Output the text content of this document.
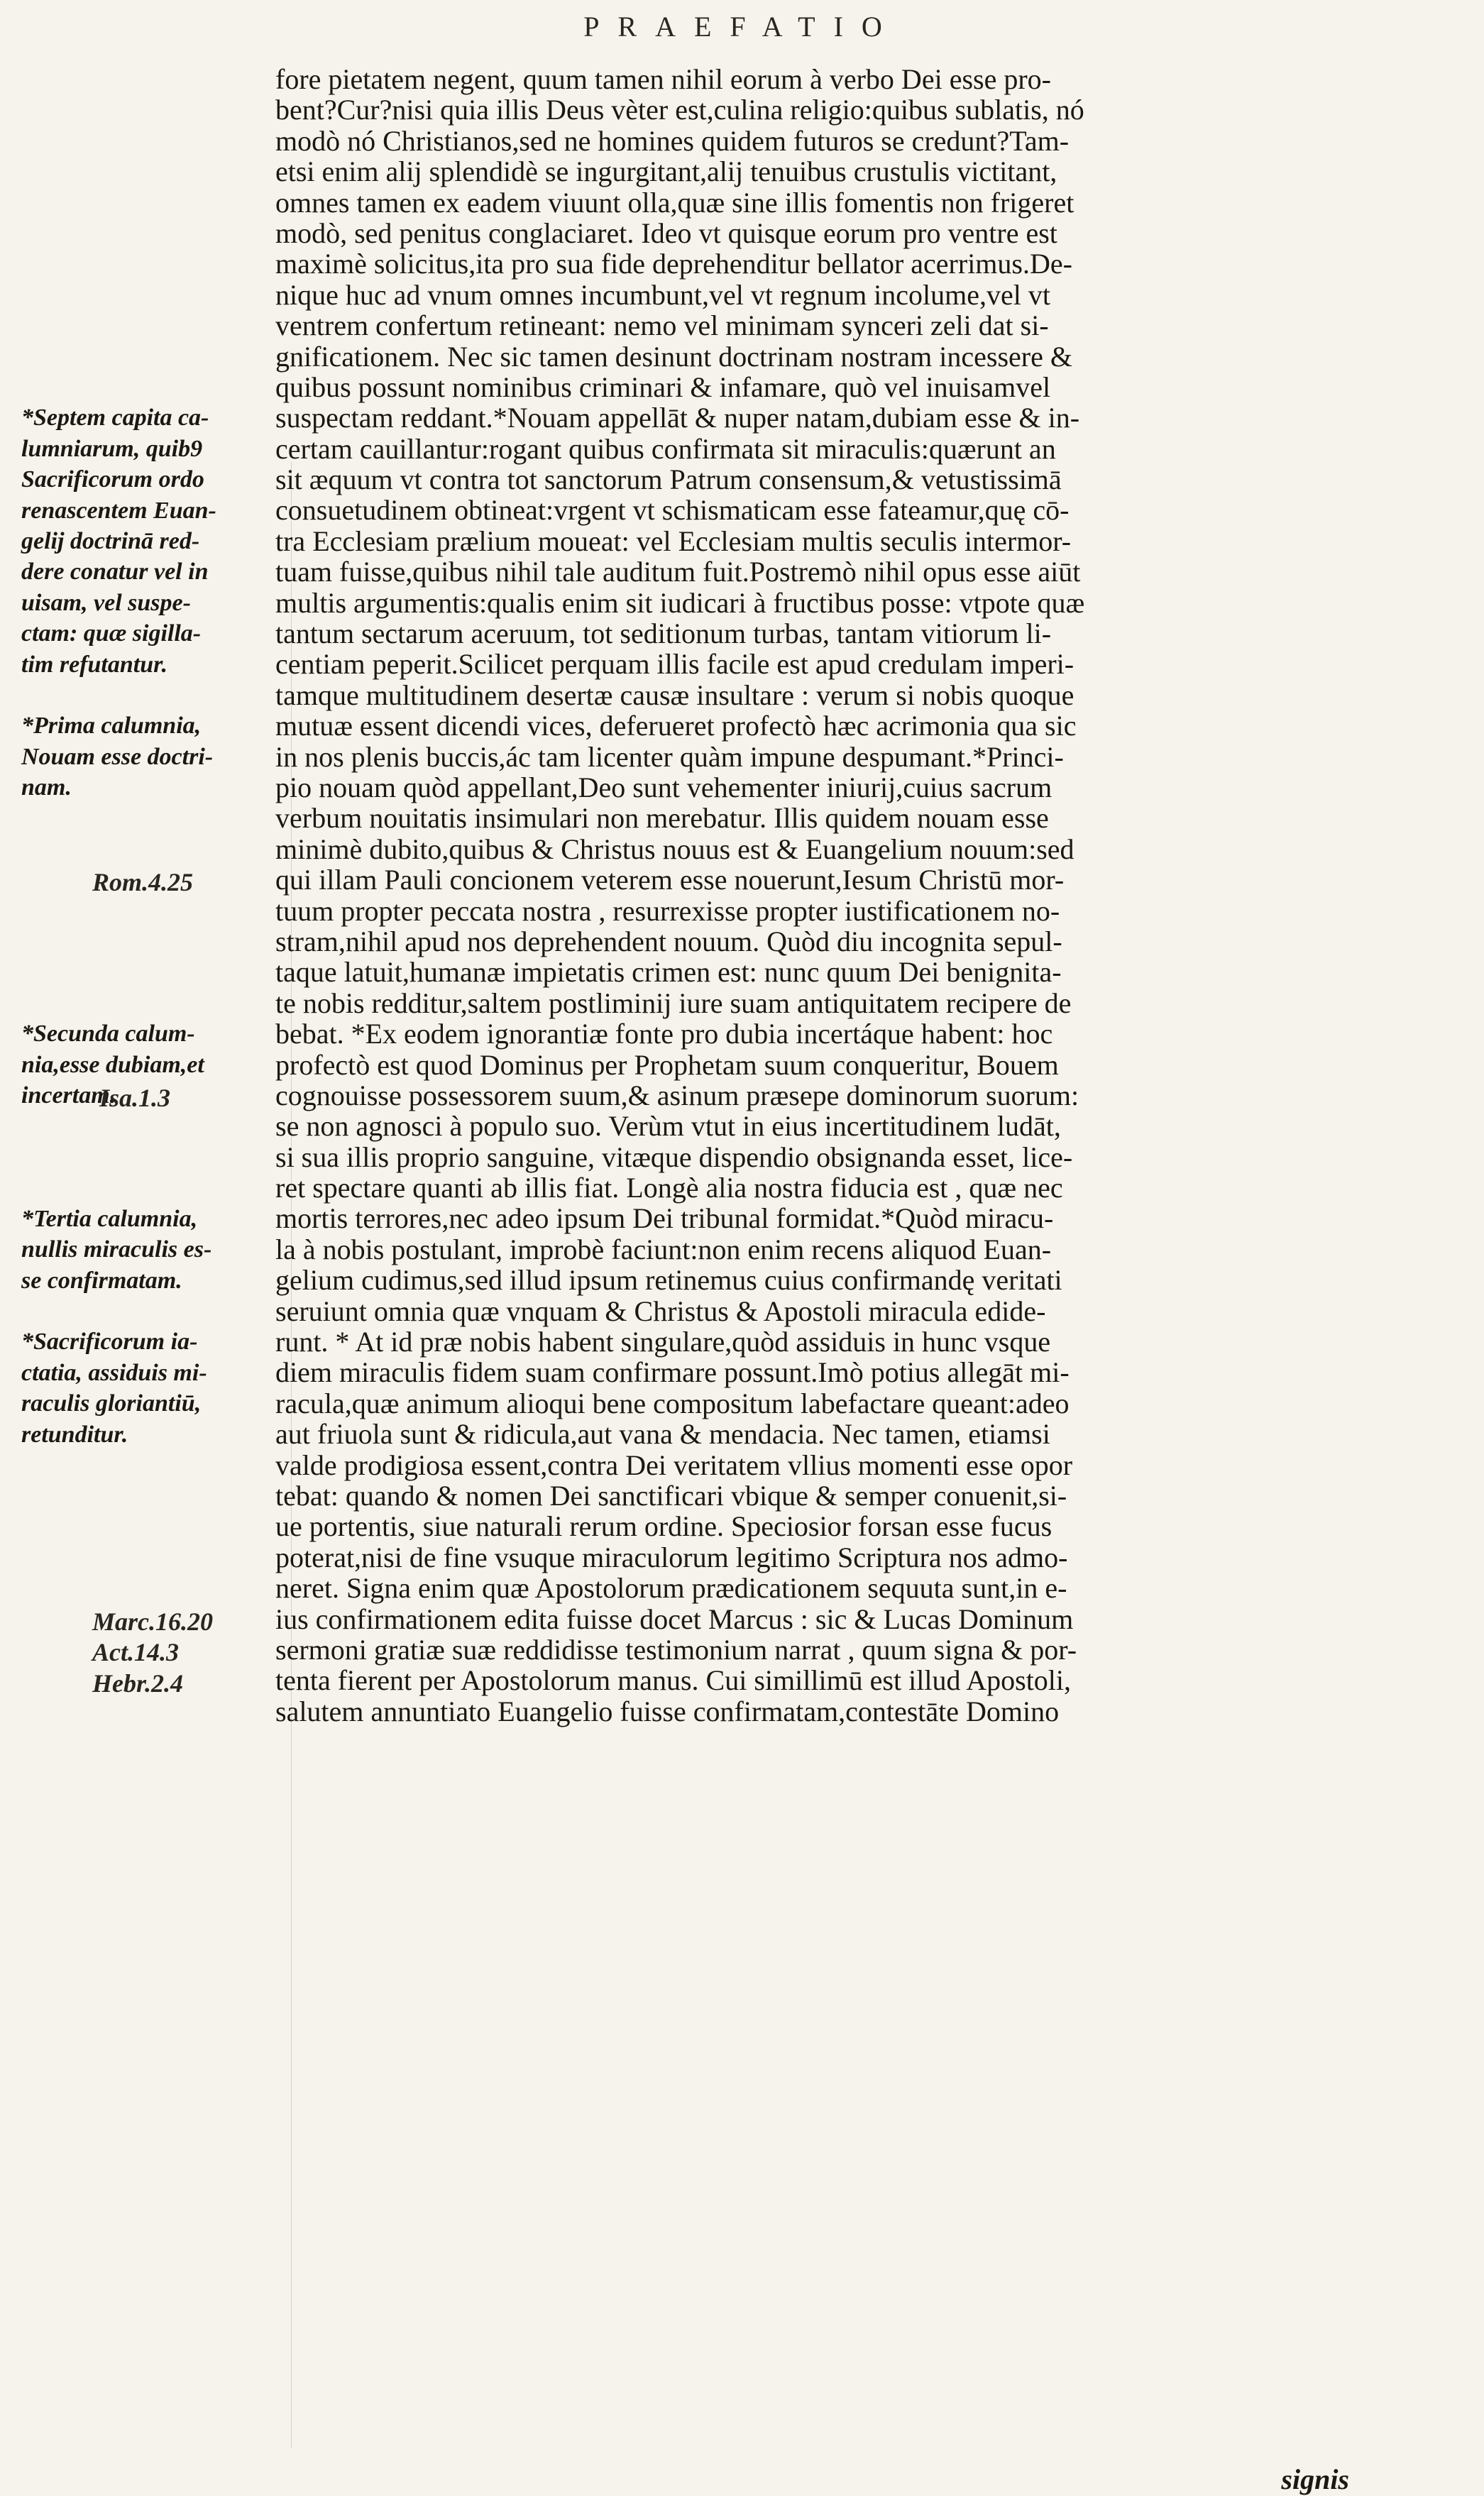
PRAEFATIO
fore pietatem negent, quum tamen nihil eorum à verbo Dei esse pro-
bent?Cur?nisi quia illis Deus vèter est,culina religio:quibus sublatis, nó
modò nó Christianos,sed ne homines quidem futuros se credunt?Tam-
etsi enim alij splendidè se ingurgitant,alij tenuibus crustulis victitant,
omnes tamen ex eadem viuunt olla,quæ sine illis fomentis non frigeret
modò, sed penitus conglaciaret. Ideo vt quisque eorum pro ventre est
maximè solicitus,ita pro sua fide deprehenditur bellator acerrimus.De-
nique huc ad vnum omnes incumbunt,vel vt regnum incolume,vel vt
ventrem confertum retineant: nemo vel minimam synceri zeli dat si-
gnificationem. Nec sic tamen desinunt doctrinam nostram incessere &
quibus possunt nominibus criminari & infamare, quò vel inuisamvel
suspectam reddant.*Nouam appellāt & nuper natam,dubiam esse & in-
certam cauillantur:rogant quibus confirmata sit miraculis:quærunt an
sit æquum vt contra tot sanctorum Patrum consensum,& vetustissimā
consuetudinem obtineat:vrgent vt schismaticam esse fateamur,quę cō-
tra Ecclesiam prælium moueat: vel Ecclesiam multis seculis intermor-
tuam fuisse,quibus nihil tale auditum fuit.Postremò nihil opus esse aiūt
multis argumentis:qualis enim sit iudicari à fructibus posse: vtpote quæ
tantum sectarum aceruum, tot seditionum turbas, tantam vitiorum li-
centiam peperit.Scilicet perquam illis facile est apud credulam imperi-
tamque multitudinem desertæ causæ insultare : verum si nobis quoque
mutuæ essent dicendi vices, deferueret profectò hæc acrimonia qua sic
in nos plenis buccis,ác tam licenter quàm impune despumant.*Princi-
pio nouam quòd appellant,Deo sunt vehementer iniurij,cuius sacrum
verbum nouitatis insimulari non merebatur. Illis quidem nouam esse
minimè dubito,quibus & Christus nouus est & Euangelium nouum:sed
qui illam Pauli concionem veterem esse nouerunt,Iesum Christū mor-
tuum propter peccata nostra , resurrexisse propter iustificationem no-
stram,nihil apud nos deprehendent nouum. Quòd diu incognita sepul-
taque latuit,humanæ impietatis crimen est: nunc quum Dei benignita-
te nobis redditur,saltem postliminij iure suam antiquitatem recipere de
bebat. *Ex eodem ignorantiæ fonte pro dubia incertáque habent: hoc
profectò est quod Dominus per Prophetam suum conqueritur, Bouem
cognouisse possessorem suum,& asinum præsepe dominorum suorum:
se non agnosci à populo suo. Verùm vtut in eius incertitudinem ludāt,
si sua illis proprio sanguine, vitæque dispendio obsignanda esset, lice-
ret spectare quanti ab illis fiat. Longè alia nostra fiducia est , quæ nec
mortis terrores,nec adeo ipsum Dei tribunal formidat.*Quòd miracu-
la à nobis postulant, improbè faciunt:non enim recens aliquod Euan-
gelium cudimus,sed illud ipsum retinemus cuius confirmandę veritati
seruiunt omnia quæ vnquam & Christus & Apostoli miracula edide-
runt. * At id præ nobis habent singulare,quòd assiduis in hunc vsque
diem miraculis fidem suam confirmare possunt.Imò potius allegāt mi-
racula,quæ animum alioqui bene compositum labefactare queant:adeo
aut friuola sunt & ridicula,aut vana & mendacia. Nec tamen, etiamsi
valde prodigiosa essent,contra Dei veritatem vllius momenti esse opor
tebat: quando & nomen Dei sanctificari vbique & semper conuenit,si-
ue portentis, siue naturali rerum ordine. Speciosior forsan esse fucus
poterat,nisi de fine vsuque miraculorum legitimo Scriptura nos admo-
neret. Signa enim quæ Apostolorum prædicationem sequuta sunt,in e-
ius confirmationem edita fuisse docet Marcus : sic & Lucas Dominum
sermoni gratiæ suæ reddidisse testimonium narrat , quum signa & por-
tenta fierent per Apostolorum manus. Cui simillimū est illud Apostoli,
salutem annuntiato Euangelio fuisse confirmatam,contestāte Domino
*Septem capita ca-
lumniarum, quib9
Sacrificorum ordo
renascentem Euan-
gelij doctrinā red-
dere conatur vel in
uisam, vel suspe-
ctam: quæ sigilla-
tim refutantur.
*Prima calumnia,
Nouam esse doctri-
nam.
*Secunda calum-
nia,esse dubiam,et
incertam.
*Tertia calumnia,
nullis miraculis es-
se confirmatam.
*Sacrificorum ia-
ctatia, assiduis mi-
raculis gloriantiū,
retunditur.
Rom.4.25
Isa.1.3
Marc.16.20
Act.14.3
Hebr.2.4
signis
